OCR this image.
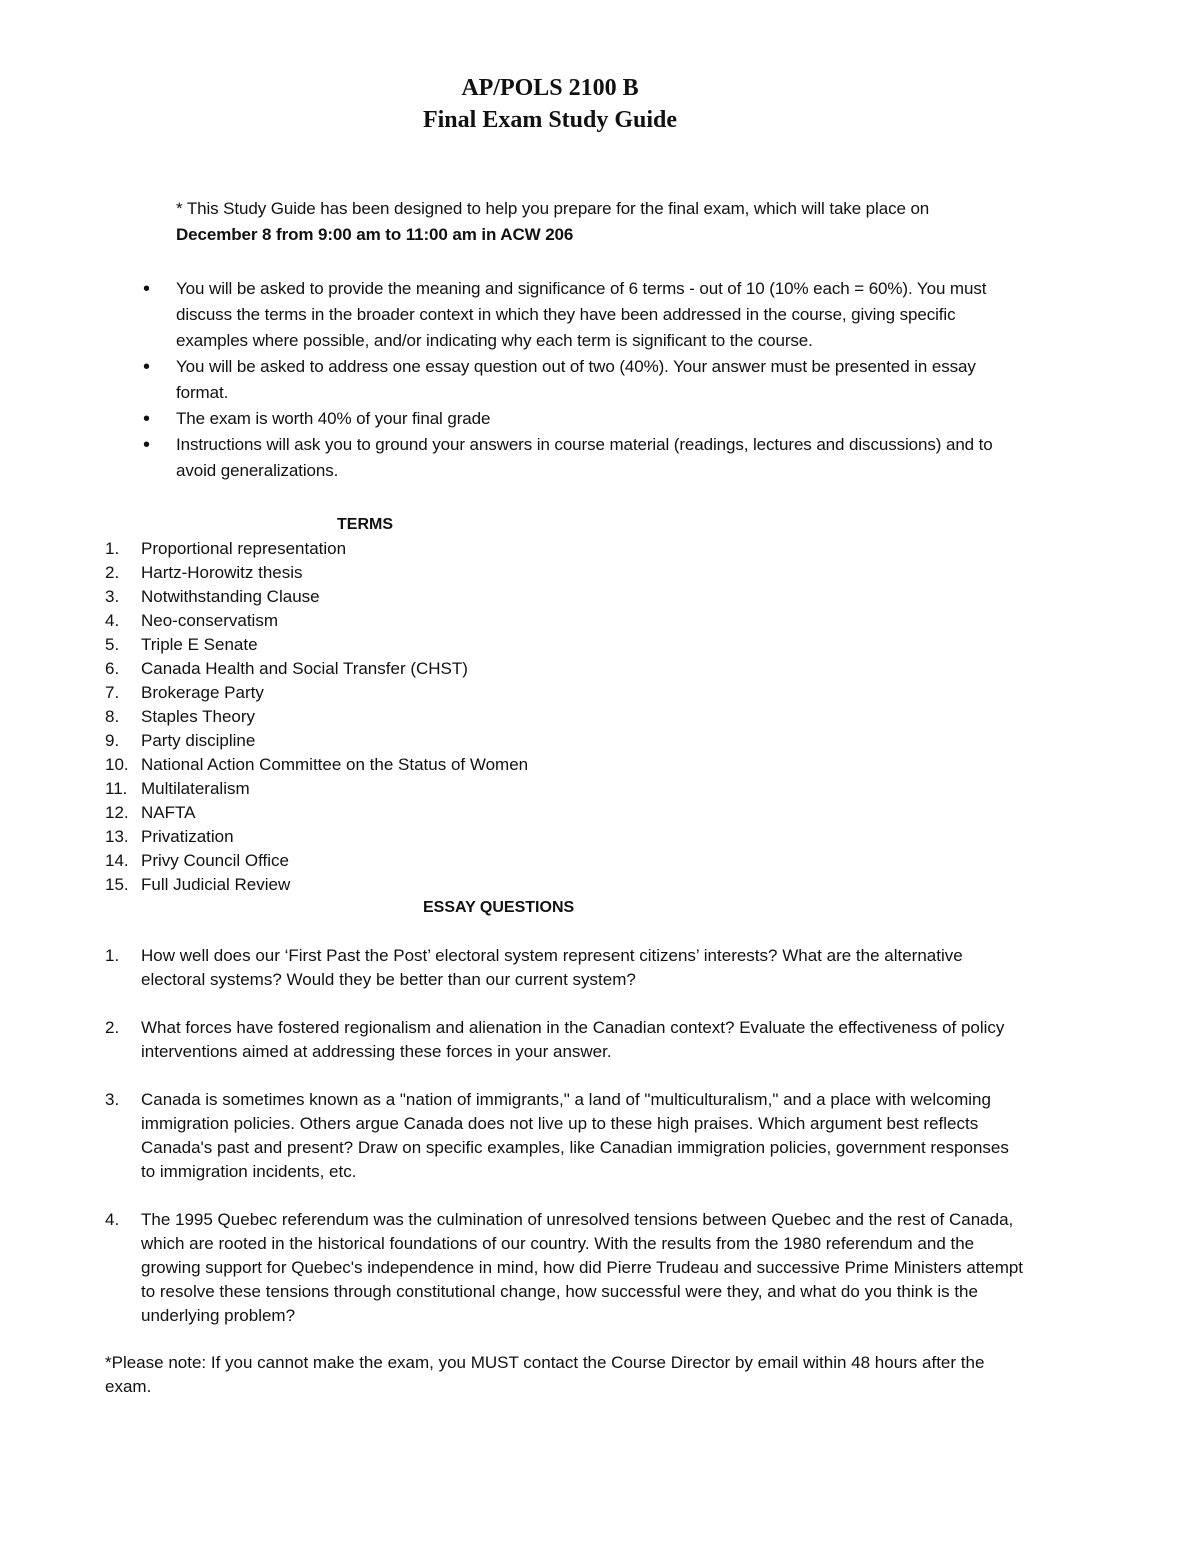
AP/POLS 2100 B
Final Exam Study Guide
* This Study Guide has been designed to help you prepare for the final exam, which will take place on
December 8 from 9:00 am to 11:00 am in ACW 206
• You will be asked to provide the meaning and significance of 6 terms - out of 10 (10% each = 60%). You must discuss the terms in the broader context in which they have been addressed in the course, giving specific examples where possible, and/or indicating why each term is significant to the course.
• You will be asked to address one essay question out of two (40%). Your answer must be presented in essay format.
• The exam is worth 40% of your final grade
• Instructions will ask you to ground your answers in course material (readings, lectures and discussions) and to avoid generalizations.
TERMS
1. Proportional representation
2. Hartz-Horowitz thesis
3. Notwithstanding Clause
4. Neo-conservatism
5. Triple E Senate
6. Canada Health and Social Transfer (CHST)
7. Brokerage Party
8. Staples Theory
9. Party discipline
10. National Action Committee on the Status of Women
11. Multilateralism
12. NAFTA
13. Privatization
14. Privy Council Office
15. Full Judicial Review
ESSAY QUESTIONS
1. How well does our ‘First Past the Post’ electoral system represent citizens’ interests? What are the alternative electoral systems? Would they be better than our current system?
2. What forces have fostered regionalism and alienation in the Canadian context? Evaluate the effectiveness of policy interventions aimed at addressing these forces in your answer.
3. Canada is sometimes known as a "nation of immigrants," a land of "multiculturalism," and a place with welcoming immigration policies. Others argue Canada does not live up to these high praises. Which argument best reflects Canada's past and present? Draw on specific examples, like Canadian immigration policies, government responses to immigration incidents, etc.
4. The 1995 Quebec referendum was the culmination of unresolved tensions between Quebec and the rest of Canada, which are rooted in the historical foundations of our country. With the results from the 1980 referendum and the growing support for Quebec's independence in mind, how did Pierre Trudeau and successive Prime Ministers attempt to resolve these tensions through constitutional change, how successful were they, and what do you think is the underlying problem?
*Please note: If you cannot make the exam, you MUST contact the Course Director by email within 48 hours after the exam.
